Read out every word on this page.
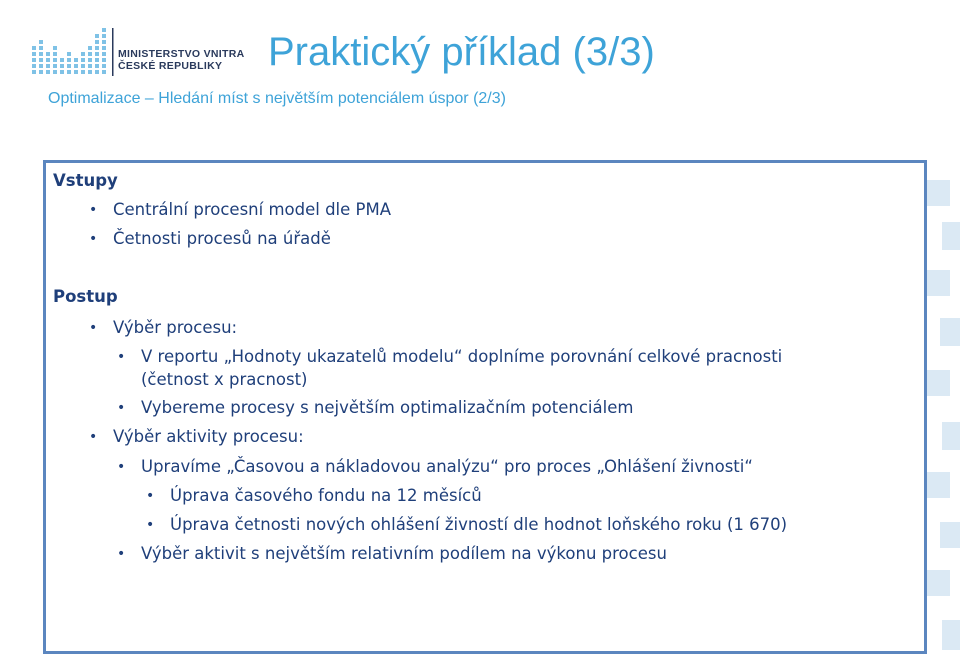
MINISTERSTVO VNITRA
ČESKÉ REPUBLIKY	Praktický příklad (3/3)
Optimalizace – Hledání míst s největším potenciálem úspor (2/3)
Vstupy
• Centrální procesní model dle PMA
• Četnosti procesů na úřadě
Postup
• Výběr procesu:
• V reportu „Hodnoty ukazatelů modelu“ doplníme porovnání celkové pracnosti
(četnost x pracnost)
• Vybereme procesy s největším optimalizačním potenciálem
• Výběr aktivity procesu:
• Upravíme „Časovou a nákladovou analýzu“ pro proces „Ohlášení živnosti“
• Úprava časového fondu na 12 měsíců
• Úprava četnosti nových ohlášení živností dle hodnot loňského roku (1 670)
• Výběr aktivit s největším relativním podílem na výkonu procesu
